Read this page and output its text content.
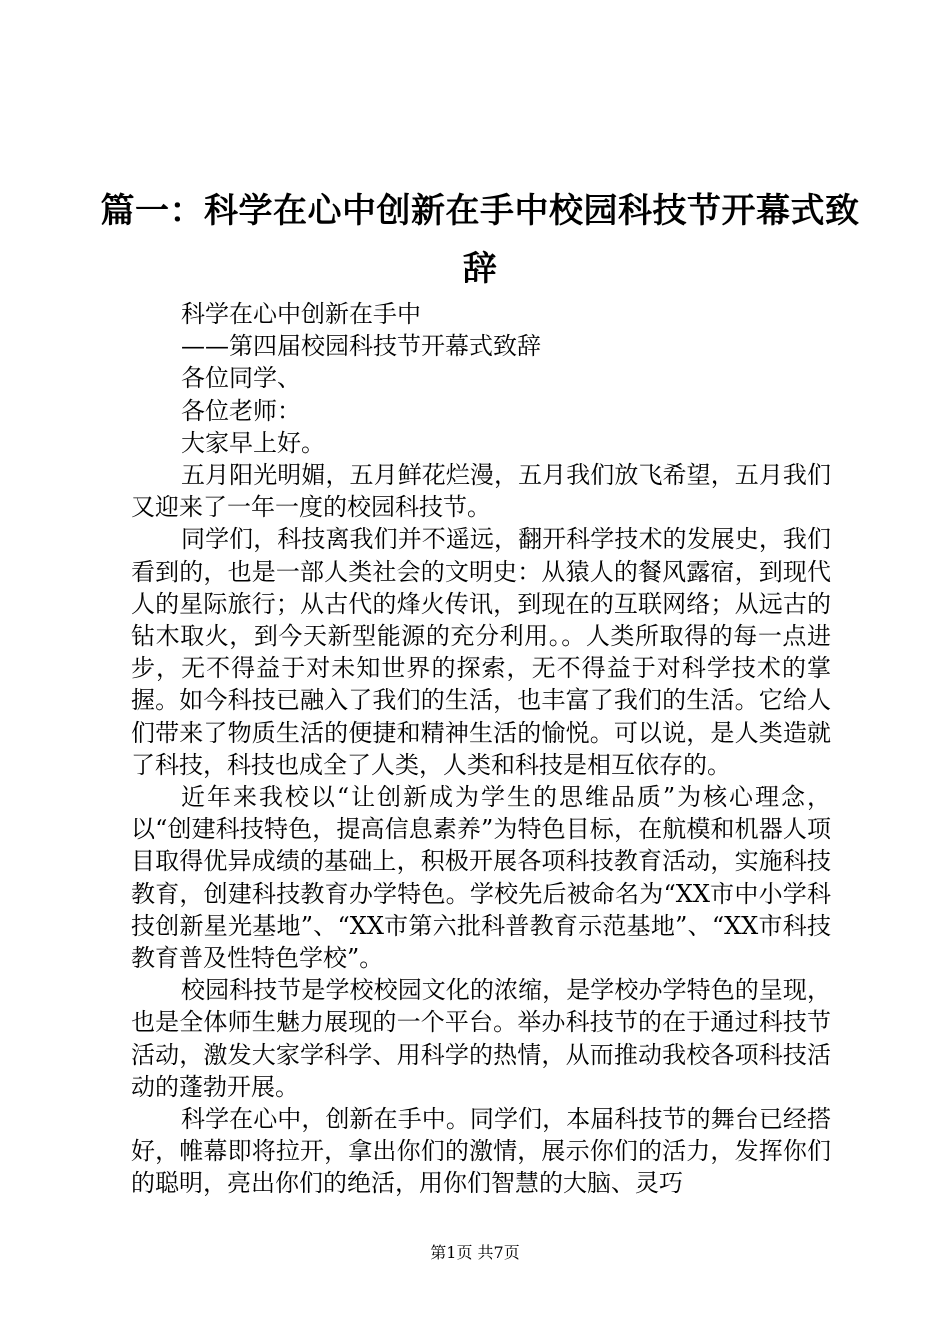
篇一：科学在心中创新在手中校园科技节开幕式致辞
科学在心中创新在手中
——第四届校园科技节开幕式致辞
各位同学、
各位老师：
大家早上好。

五月阳光明媚，五月鲜花烂漫，五月我们放飞希望，五月我们又迎来了一年一度的校园科技节。

同学们，科技离我们并不遥远，翻开科学技术的发展史，我们看到的，也是一部人类社会的文明史：从猿人的餐风露宿，到现代人的星际旅行；从古代的烽火传讯，到现在的互联网络；从远古的钻木取火，到今天新型能源的充分利用。。人类所取得的每一点进步，无不得益于对未知世界的探索，无不得益于对科学技术的掌握。如今科技已融入了我们的生活，也丰富了我们的生活。它给人们带来了物质生活的便捷和精神生活的愉悦。可以说，是人类造就了科技，科技也成全了人类，人类和科技是相互依存的。

近年来我校以“让创新成为学生的思维品质”为核心理念，以“创建科技特色，提高信息素养”为特色目标，在航模和机器人项目取得优异成绩的基础上，积极开展各项科技教育活动，实施科技教育，创建科技教育办学特色。学校先后被命名为“XX市中小学科技创新星光基地”、“XX市第六批科普教育示范基地”、“XX市科技教育普及性特色学校”。

校园科技节是学校校园文化的浓缩，是学校办学特色的呈现，也是全体师生魅力展现的一个平台。举办科技节的在于通过科技节活动，激发大家学科学、用科学的热情，从而推动我校各项科技活动的蓬勃开展。

科学在心中，创新在手中。同学们，本届科技节的舞台已经搭好，帷幕即将拉开，拿出你们的激情，展示你们的活力，发挥你们的聪明，亮出你们的绝活，用你们智慧的大脑、灵巧

第1页 共7页
